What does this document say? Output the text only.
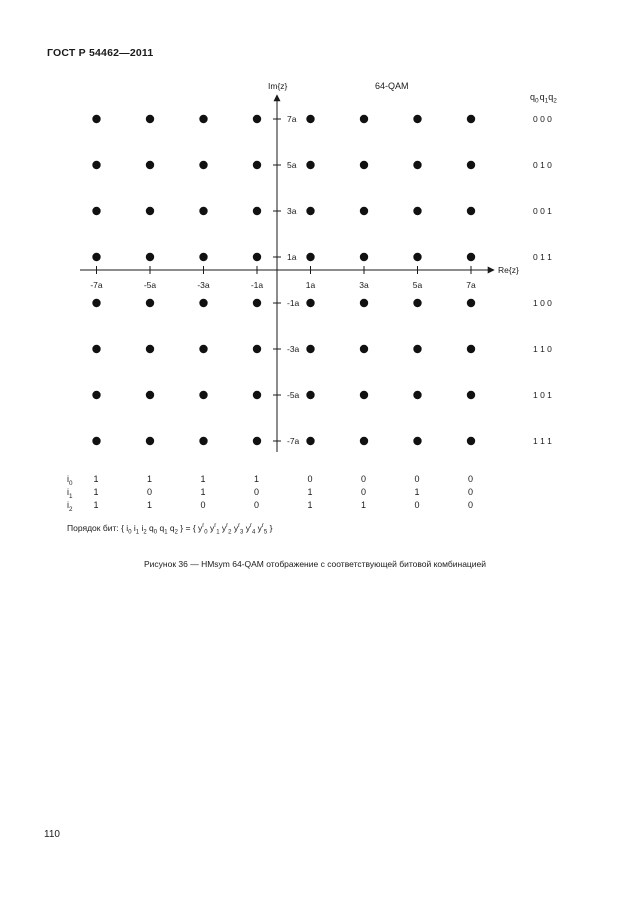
ГОСТ Р 54462—2011
Re{z}
Im{z}	64-QAM
-7a	-5a	-3a	-1a	1a	3a	5a	7a
7a
5a
3a
1a
-1a
-3a
-5a
-7a
$q_0q_1q_2$
0 0 0
0 1 0
0 0 1
0 1 1
1 0 0
1 1 0
1 0 1
1 1 1
$i_0$ 1	1	1	1	0	0	0	0
$i_1$ 1	0	1	0	1	0	1	0
$i_2$ 1	1	0	0	1	1	0	0
Порядок бит: { $i_0$ $i_1$ $i_2$ $q_0$ $q_1$ $q_2$ } = { $y^r_0$ $y^r_1$ $y^r_2$ $y^r_3$ $y^r_4$ $y^r_5$ }
Рисунок 36 — HMsym 64-QAM отображение с соответствующей битовой комбинацией
110
